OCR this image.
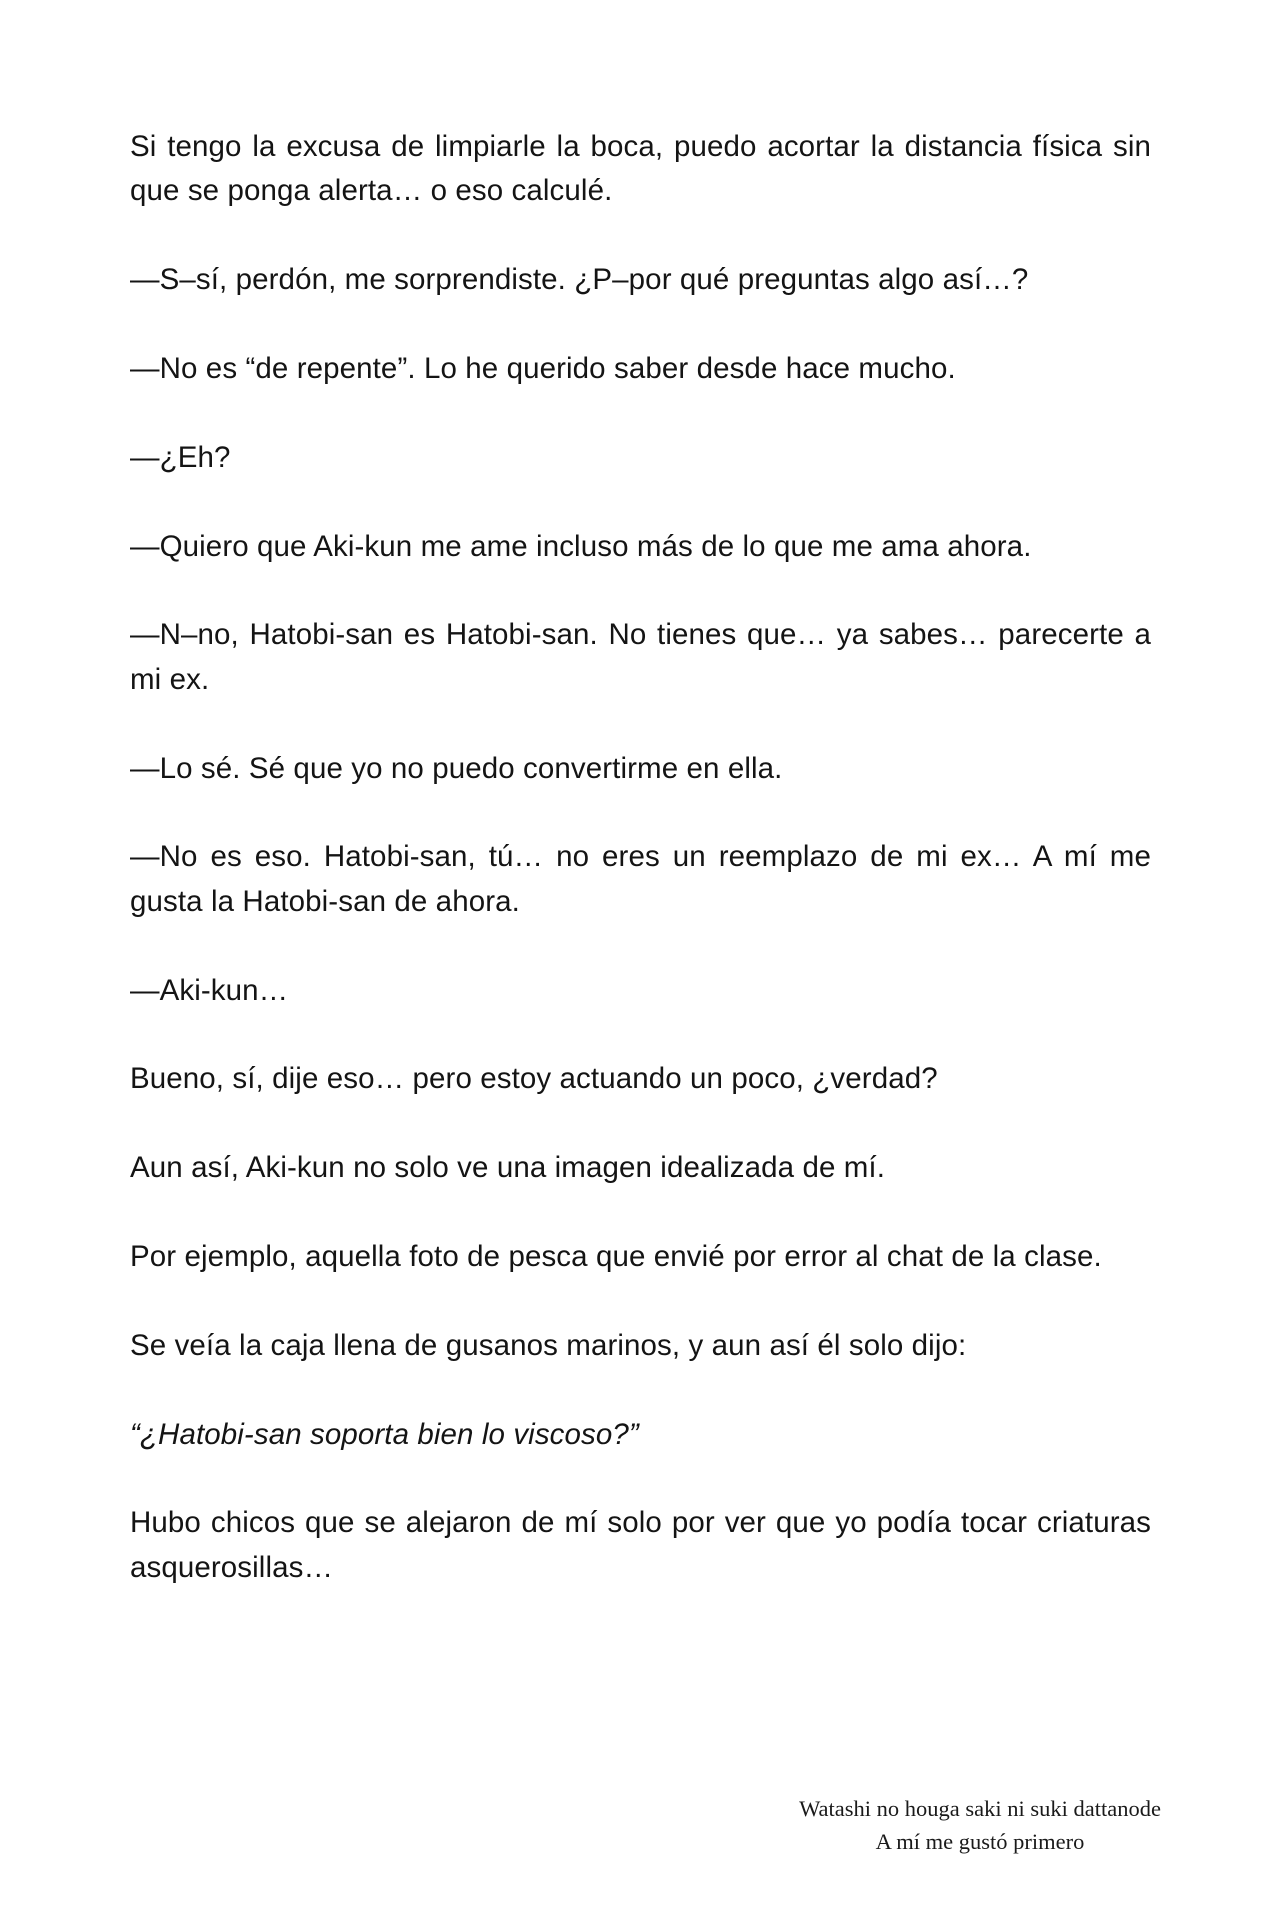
Si tengo la excusa de limpiarle la boca, puedo acortar la distancia física sin que se ponga alerta… o eso calculé.

—S–sí, perdón, me sorprendiste. ¿P–por qué preguntas algo así…?

—No es “de repente”. Lo he querido saber desde hace mucho.

—¿Eh?

—Quiero que Aki-kun me ame incluso más de lo que me ama ahora.

—N–no, Hatobi-san es Hatobi-san. No tienes que… ya sabes… parecerte a mi ex.

—Lo sé. Sé que yo no puedo convertirme en ella.

—No es eso. Hatobi-san, tú… no eres un reemplazo de mi ex… A mí me gusta la Hatobi-san de ahora.

—Aki-kun…

Bueno, sí, dije eso… pero estoy actuando un poco, ¿verdad?

Aun así, Aki-kun no solo ve una imagen idealizada de mí.

Por ejemplo, aquella foto de pesca que envié por error al chat de la clase.

Se veía la caja llena de gusanos marinos, y aun así él solo dijo:

“¿Hatobi-san soporta bien lo viscoso?”

Hubo chicos que se alejaron de mí solo por ver que yo podía tocar criaturas asquerosillas…

Watashi no houga saki ni suki dattanode
A mí me gustó primero
